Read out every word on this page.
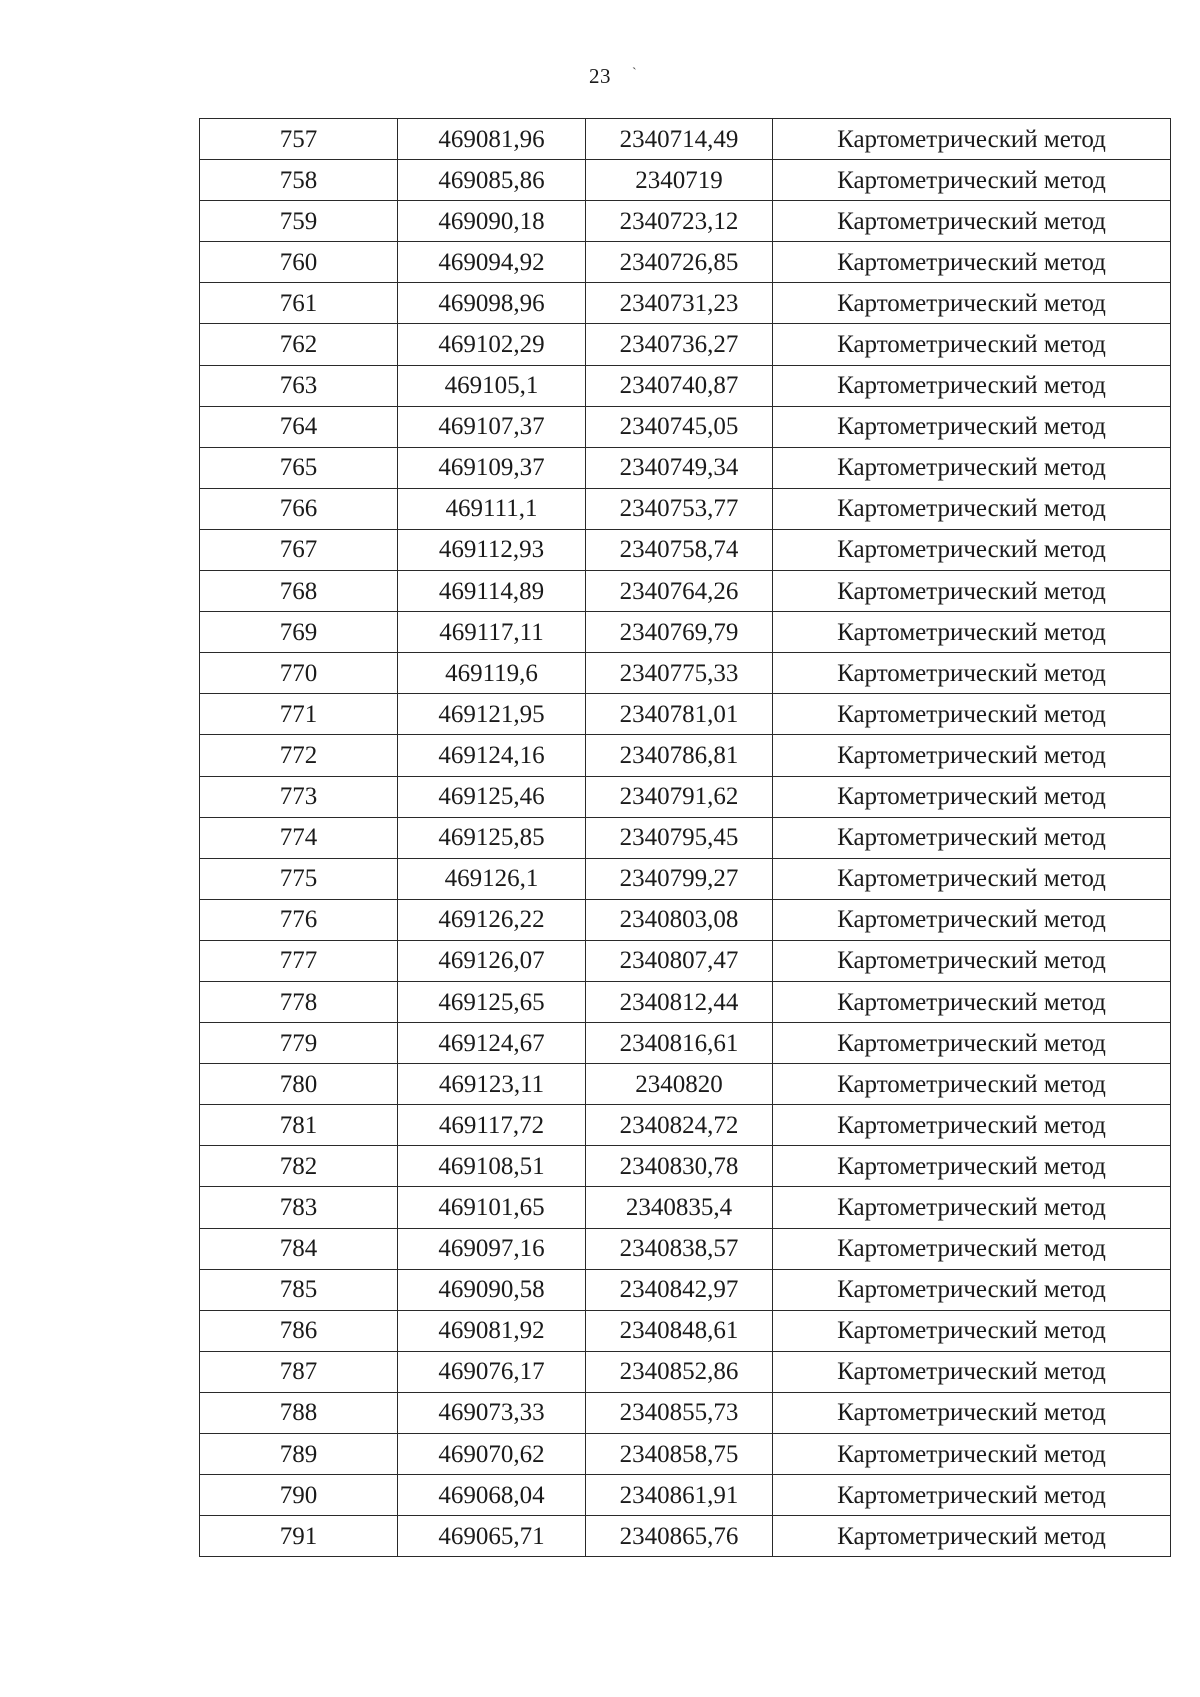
23	`
757	469081,96	2340714,49	Картометрический метод
758	469085,86	2340719	Картометрический метод
759	469090,18	2340723,12	Картометрический метод
760	469094,92	2340726,85	Картометрический метод
761	469098,96	2340731,23	Картометрический метод
762	469102,29	2340736,27	Картометрический метод
763	469105,1	2340740,87	Картометрический метод
764	469107,37	2340745,05	Картометрический метод
765	469109,37	2340749,34	Картометрический метод
766	469111,1	2340753,77	Картометрический метод
767	469112,93	2340758,74	Картометрический метод
768	469114,89	2340764,26	Картометрический метод
769	469117,11	2340769,79	Картометрический метод
770	469119,6	2340775,33	Картометрический метод
771	469121,95	2340781,01	Картометрический метод
772	469124,16	2340786,81	Картометрический метод
773	469125,46	2340791,62	Картометрический метод
774	469125,85	2340795,45	Картометрический метод
775	469126,1	2340799,27	Картометрический метод
776	469126,22	2340803,08	Картометрический метод
777	469126,07	2340807,47	Картометрический метод
778	469125,65	2340812,44	Картометрический метод
779	469124,67	2340816,61	Картометрический метод
780	469123,11	2340820	Картометрический метод
781	469117,72	2340824,72	Картометрический метод
782	469108,51	2340830,78	Картометрический метод
783	469101,65	2340835,4	Картометрический метод
784	469097,16	2340838,57	Картометрический метод
785	469090,58	2340842,97	Картометрический метод
786	469081,92	2340848,61	Картометрический метод
787	469076,17	2340852,86	Картометрический метод
788	469073,33	2340855,73	Картометрический метод
789	469070,62	2340858,75	Картометрический метод
790	469068,04	2340861,91	Картометрический метод
791	469065,71	2340865,76	Картометрический метод
